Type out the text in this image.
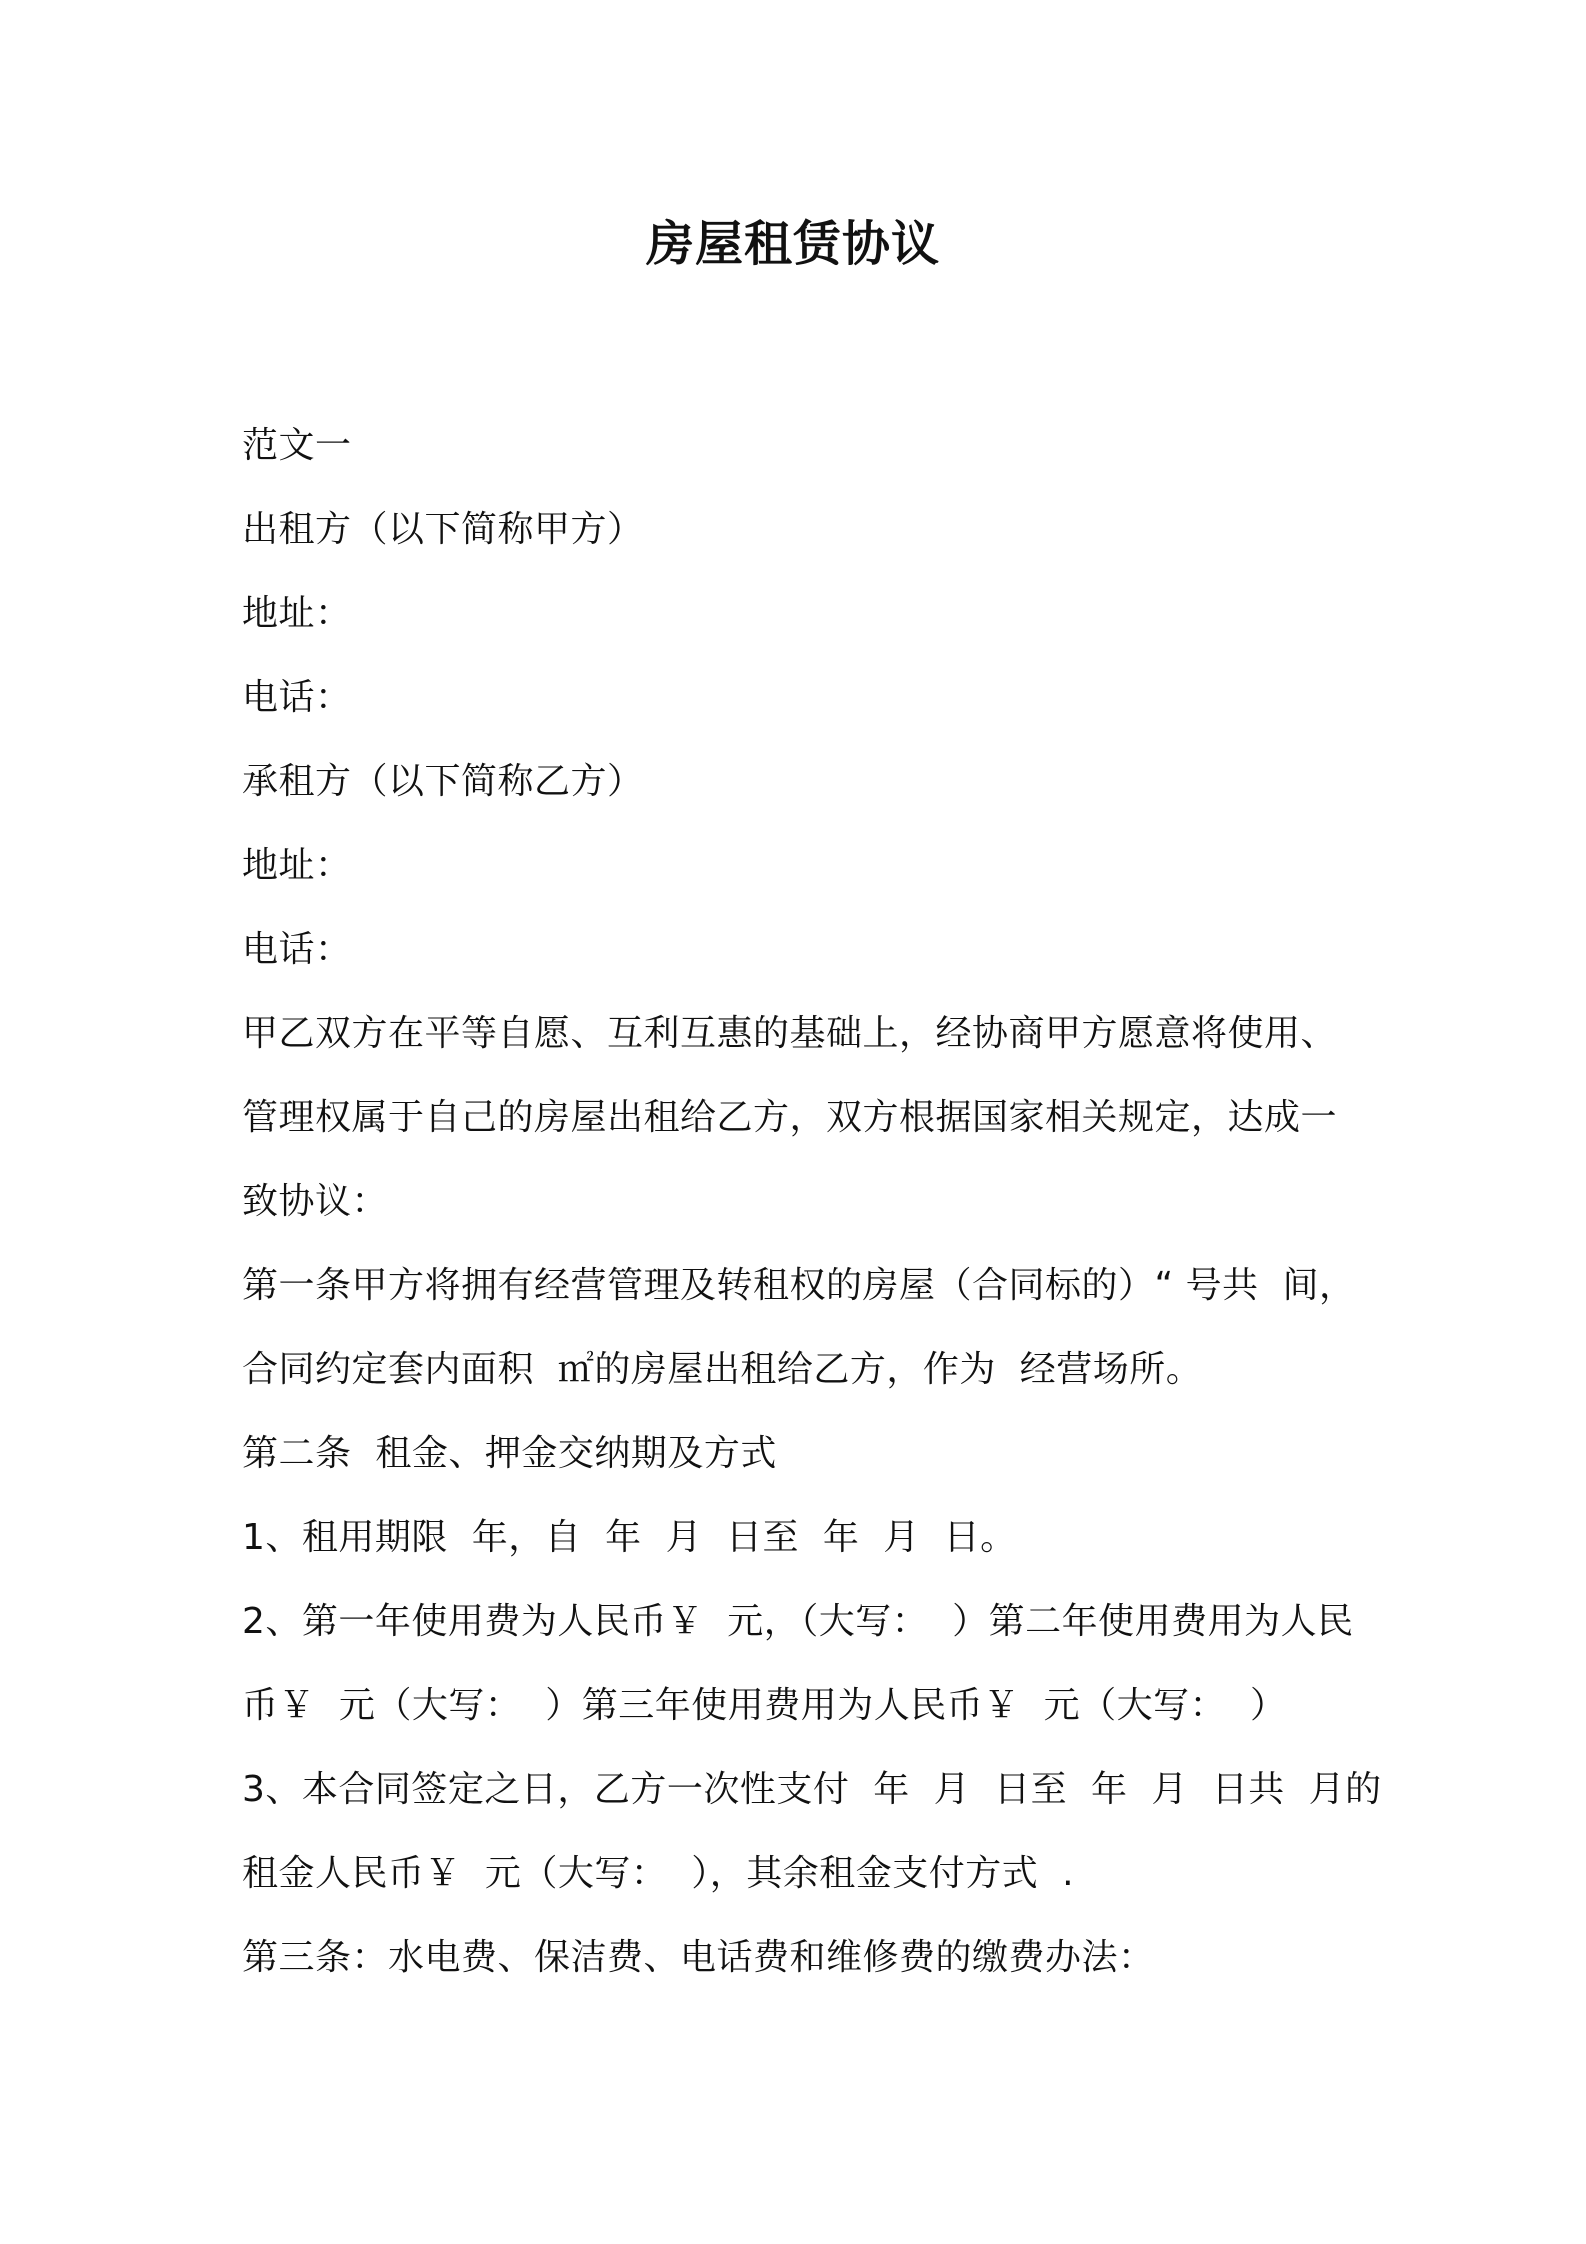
房屋租赁协议
范文一
出租方（以下简称甲方）
地址：
电话：
承租方（以下简称乙方）
地址：
电话：
甲乙双方在平等自愿、互利互惠的基础上，经协商甲方愿意将使用、
管理权属于自己的房屋出租给乙方，双方根据国家相关规定，达成一
致协议：
第一条甲方将拥有经营管理及转租权的房屋（合同标的）“ 号共  间，
合同约定套内面积  ㎡的房屋出租给乙方，作为  经营场所。
第二条  租金、押金交纳期及方式
1、租用期限  年，自  年  月  日至  年  月  日。
2、第一年使用费为人民币￥  元，（大写：  ）第二年使用费用为人民
币￥  元（大写：  ）第三年使用费用为人民币￥  元（大写：  ）
3、本合同签定之日，乙方一次性支付  年  月  日至  年  月  日共  月的
租金人民币￥  元（大写：  ），其余租金支付方式  .
第三条：水电费、保洁费、电话费和维修费的缴费办法：
